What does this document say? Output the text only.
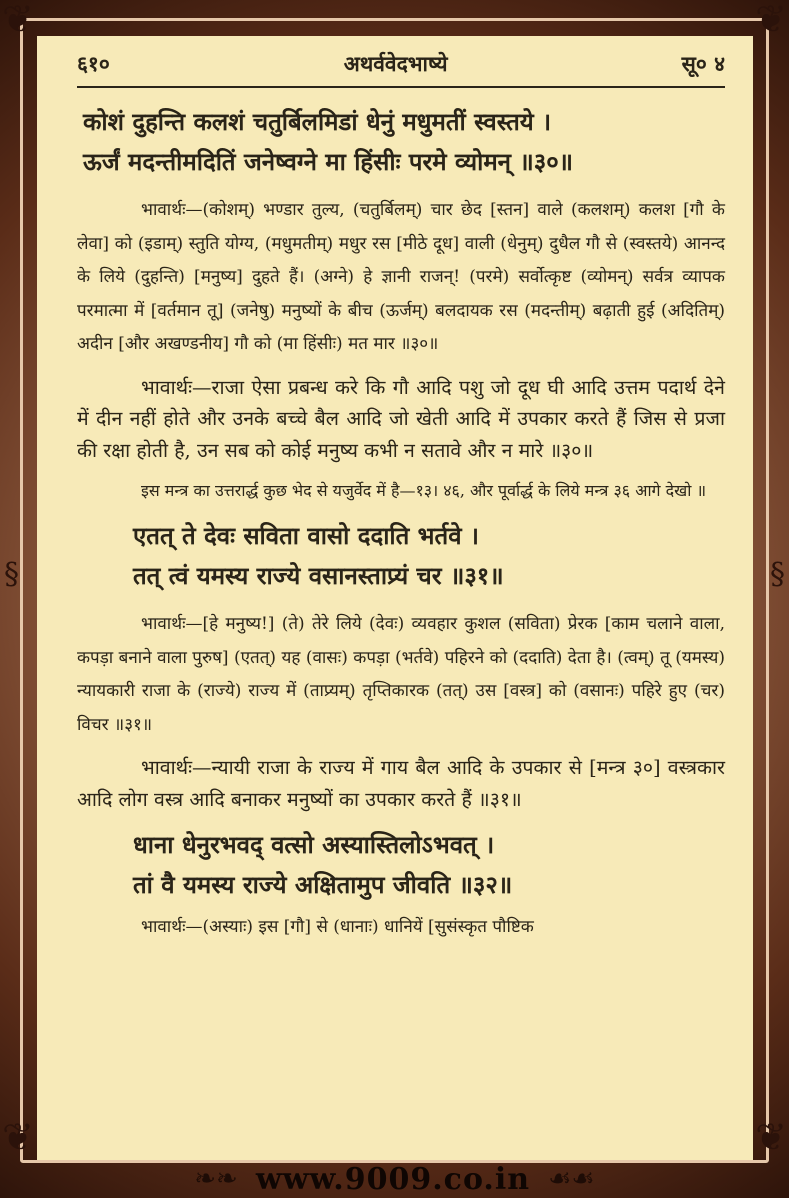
❦	❦
❦	❦
§	§
६१०	अथर्ववेदभाष्ये	सू० ४
कोशं दुहन्ति कलशं चतुर्बिलमिडां धेनुं मधुमतीं स्वस्तये ।
ऊर्जं मदन्तीमदितिं जनेष्वग्ने मा हिंसीः परमे व्योमन् ॥३०॥

भावार्थः—(कोशम्) भण्डार तुल्य, (चतुर्बिलम्) चार छेद [स्तन] वाले (कलशम्) कलश [गौ के लेवा] को (इडाम्) स्तुति योग्य, (मधुमतीम्) मधुर रस [मीठे दूध] वाली (धेनुम्) दुधैल गौ से (स्वस्तये) आनन्द के लिये (दुहन्ति) [मनुष्य] दुहते हैं। (अग्ने) हे ज्ञानी राजन्! (परमे) सर्वोत्कृष्ट (व्योमन्) सर्वत्र व्यापक परमात्मा में [वर्तमान तू] (जनेषु) मनुष्यों के बीच (ऊर्जम्) बलदायक रस (मदन्तीम्) बढ़ाती हुई (अदितिम्) अदीन [और अखण्डनीय] गौ को (मा हिंसीः) मत मार ॥३०॥

भावार्थः—राजा ऐसा प्रबन्ध करे कि गौ आदि पशु जो दूध घी आदि उत्तम पदार्थ देने में दीन नहीं होते और उनके बच्चे बैल आदि जो खेती आदि में उपकार करते हैं जिस से प्रजा की रक्षा होती है, उन सब को कोई मनुष्य कभी न सतावे और न मारे ॥३०॥

इस मन्त्र का उत्तरार्द्ध कुछ भेद से यजुर्वेद में है—१३। ४६, और पूर्वार्द्ध के लिये मन्त्र ३६ आगे देखो ॥

एतत् ते देवः सविता वासो ददाति भर्तवे ।
तत् त्वं यमस्य राज्ये वसानस्ताप्र्यं चर ॥३१॥

भावार्थः—[हे मनुष्य!] (ते) तेरे लिये (देवः) व्यवहार कुशल (सविता) प्रेरक [काम चलाने वाला, कपड़ा बनाने वाला पुरुष] (एतत्) यह (वासः) कपड़ा (भर्तवे) पहिरने को (ददाति) देता है। (त्वम्) तू (यमस्य) न्यायकारी राजा के (राज्ये) राज्य में (ताप्र्यम्) तृप्तिकारक (तत्) उस [वस्त्र] को (वसानः) पहिरे हुए (चर) विचर ॥३१॥

भावार्थः—न्यायी राजा के राज्य में गाय बैल आदि के उपकार से [मन्त्र ३०] वस्त्रकार आदि लोग वस्त्र आदि बनाकर मनुष्यों का उपकार करते हैं ॥३१॥

धाना धेनुरभवद् वत्सो अस्यास्तिलोऽभवत् ।
तां वै यमस्य राज्ये अक्षितामुप जीवति ॥३२॥

भावार्थः—(अस्याः) इस [गौ] से (धानाः) धानियें [सुसंस्कृत पौष्टिक

❧❧ www.9009.co.in ☙☙
